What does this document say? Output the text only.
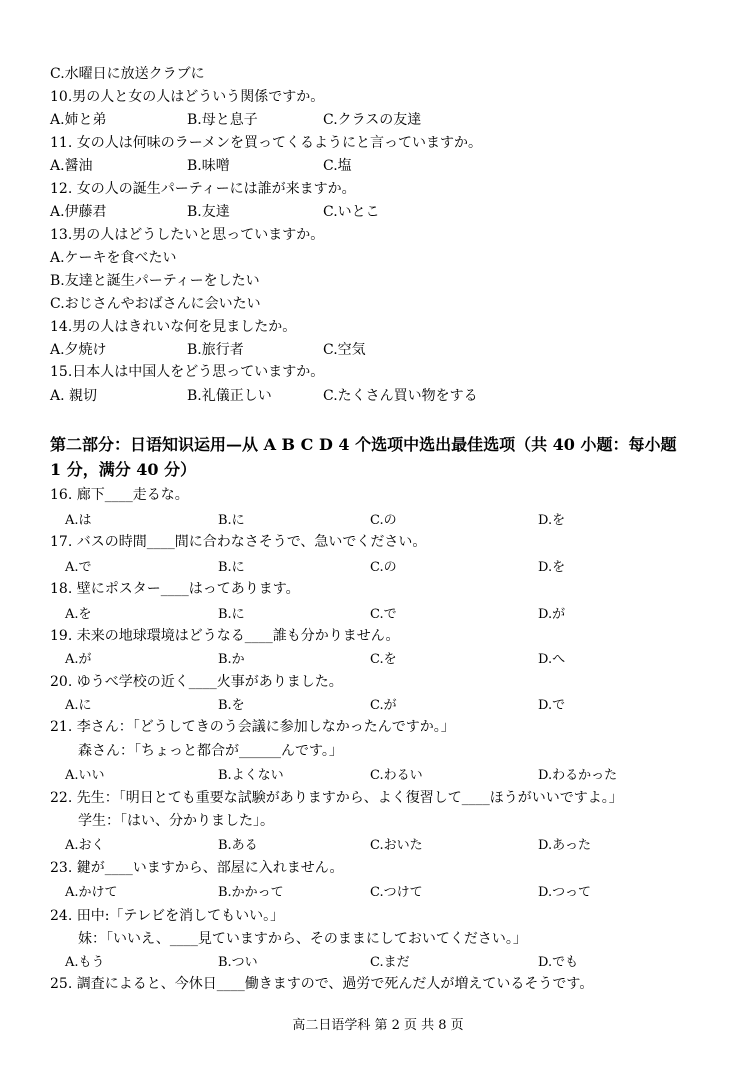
C.水曜日に放送クラブに
10.男の人と女の人はどういう関係ですか。
A.姉と弟	B.母と息子	C.クラスの友達
11. 女の人は何味のラーメンを買ってくるようにと言っていますか。
A.醤油	B.味噌	C.塩
12. 女の人の誕生パーティーには誰が来ますか。
A.伊藤君	B.友達	C.いとこ
13.男の人はどうしたいと思っていますか。
A.ケーキを食べたい
B.友達と誕生パーティーをしたい
C.おじさんやおばさんに会いたい
14.男の人はきれいな何を見ましたか。
A.夕焼け	B.旅行者	C.空気
15.日本人は中国人をどう思っていますか。
A. 親切	B.礼儀正しい	C.たくさん買い物をする
第二部分：日语知识运用—从 A B C D 4 个选项中选出最佳选项（共 40 小题：每小题
1 分，满分 40 分）
16. 廊下____走るな。
A.は	B.に	C.の	D.を
17. バスの時間____間に合わなさそうで、急いでください。
A.で	B.に	C.の	D.を
18. 壁にポスター____はってあります。
A.を	B.に	C.で	D.が
19. 未来の地球環境はどうなる____誰も分かりません。
A.が	B.か	C.を	D.へ
20. ゆうべ学校の近く____火事がありました。
A.に	B.を	C.が	D.で
21. 李さん：「どうしてきのう会議に参加しなかったんですか。」
森さん：「ちょっと都合が______んです。」
A.いい	B.よくない	C.わるい	D.わるかった
22. 先生：「明日とても重要な試験がありますから、よく復習して____ほうがいいですよ。」
学生：「はい、分かりました」。
A.おく	B.ある	C.おいた	D.あった
23. 鍵が____いますから、部屋に入れません。
A.かけて	B.かかって	C.つけて	D.つって
24. 田中:「テレビを消してもいい。」
妹：「いいえ、____見ていますから、そのままにしておいてください。」
A.もう	B.つい	C.まだ	D.でも
25. 調査によると、今休日____働きますので、過労で死んだ人が増えているそうです。
高二日语学科 第 2 页 共 8 页
